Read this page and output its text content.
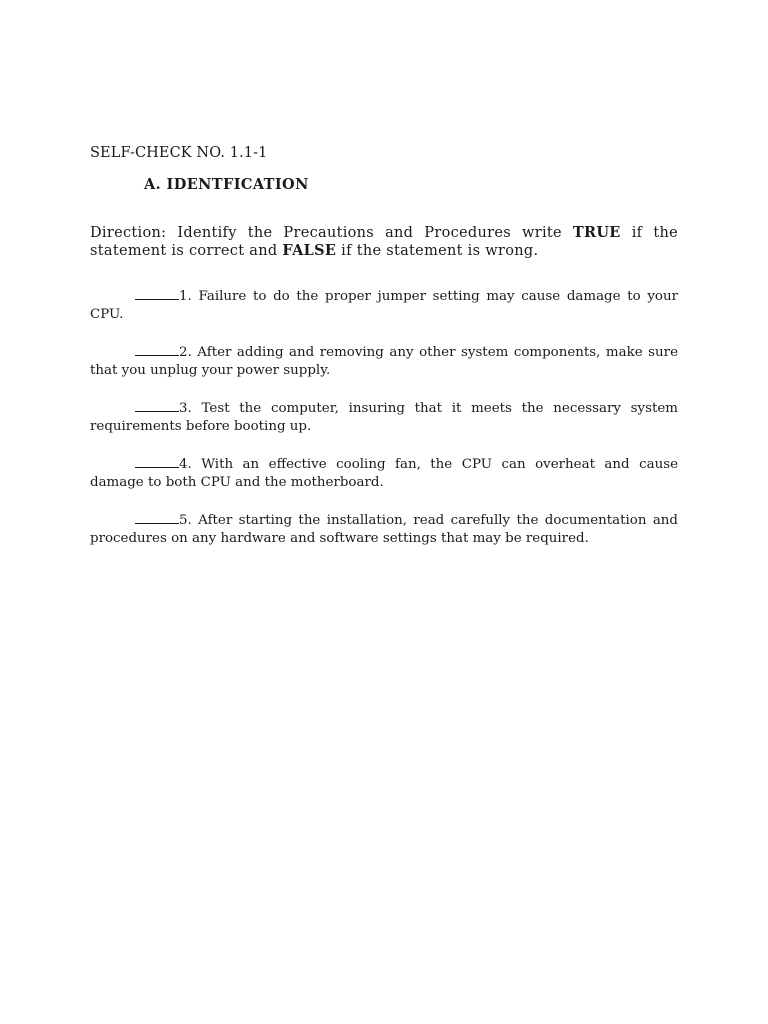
SELF-CHECK NO. 1.1-1
A. IDENTFICATION
Direction: Identify the Precautions and Procedures write TRUE if the statement is correct and FALSE if the statement is wrong.

1. Failure to do the proper jumper setting may cause damage to your CPU.

2. After adding and removing any other system components, make sure that you unplug your power supply.

3. Test the computer, insuring that it meets the necessary system requirements before booting up.

4. With an effective cooling fan, the CPU can overheat and cause damage to both CPU and the motherboard.

5. After starting the installation, read carefully the documentation and procedures on any hardware and software settings that may be required.
